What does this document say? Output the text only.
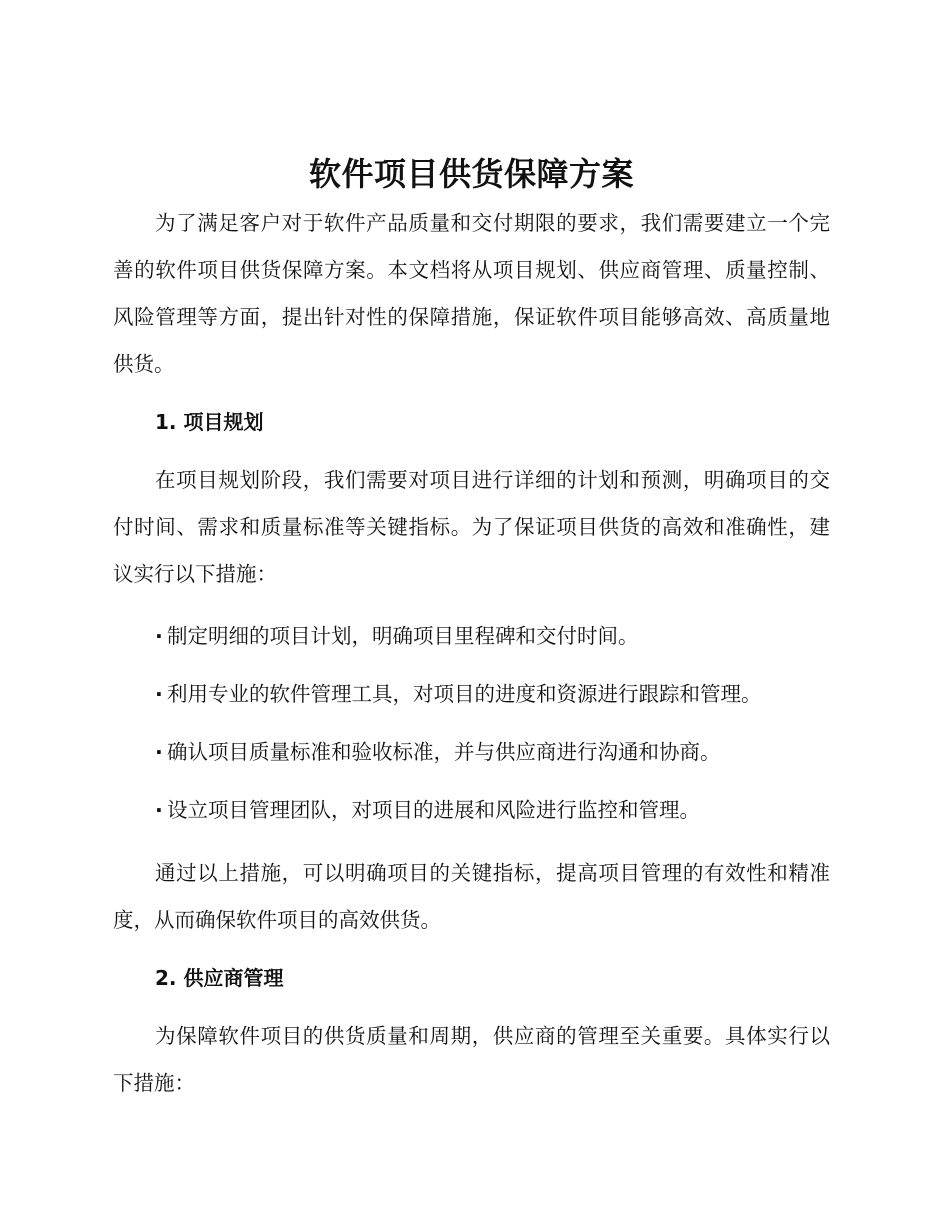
软件项目供货保障方案

为了满足客户对于软件产品质量和交付期限的要求，我们需要建立一个完善的软件项目供货保障方案。本文档将从项目规划、供应商管理、质量控制、风险管理等方面，提出针对性的保障措施，保证软件项目能够高效、高质量地供货。

1. 项目规划

在项目规划阶段，我们需要对项目进行详细的计划和预测，明确项目的交付时间、需求和质量标准等关键指标。为了保证项目供货的高效和准确性，建议实行以下措施：

· 制定明细的项目计划，明确项目里程碑和交付时间。
· 利用专业的软件管理工具，对项目的进度和资源进行跟踪和管理。
· 确认项目质量标准和验收标准，并与供应商进行沟通和协商。
· 设立项目管理团队，对项目的进展和风险进行监控和管理。

通过以上措施，可以明确项目的关键指标，提高项目管理的有效性和精准度，从而确保软件项目的高效供货。

2. 供应商管理

为保障软件项目的供货质量和周期，供应商的管理至关重要。具体实行以下措施：
